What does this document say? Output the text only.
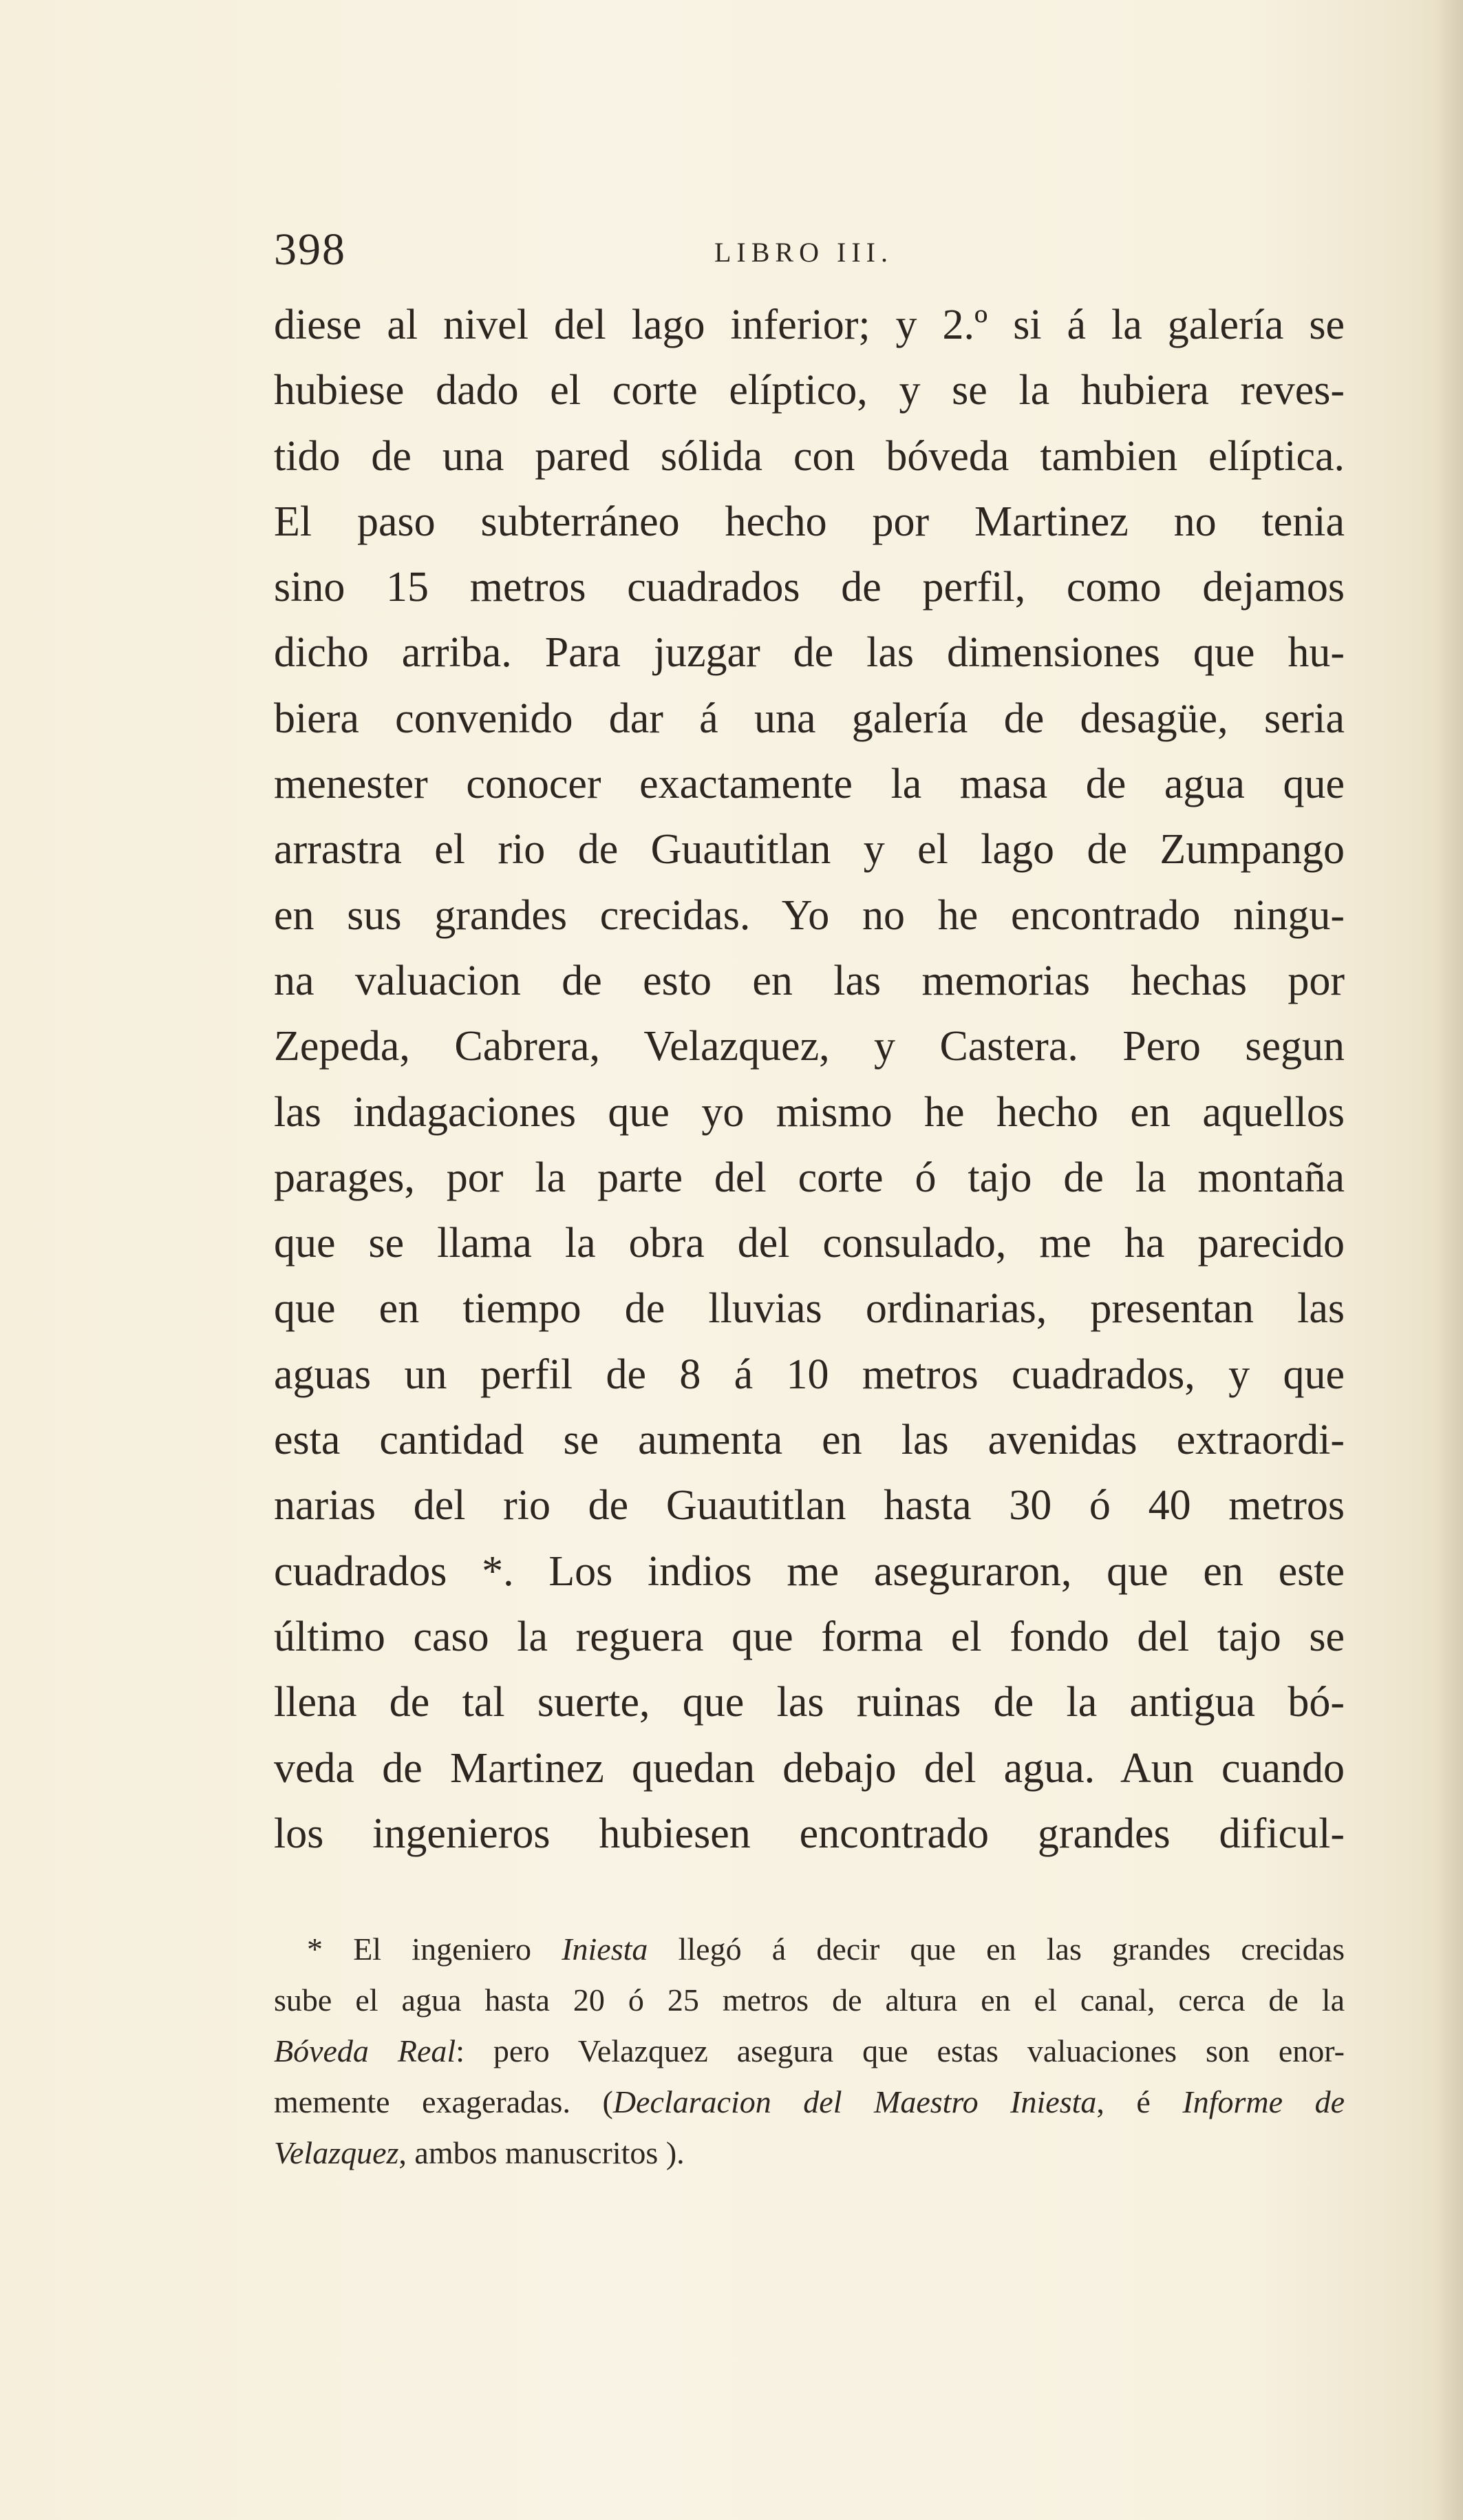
398	LIBRO III.
diese al nivel del lago inferior; y 2.º si á la galería se
hubiese dado el corte elíptico, y se la hubiera reves-
tido de una pared sólida con bóveda tambien elíptica.
El paso subterráneo hecho por Martinez no tenia
sino 15 metros cuadrados de perfil, como dejamos
dicho arriba. Para juzgar de las dimensiones que hu-
biera convenido dar á una galería de desagüe, seria
menester conocer exactamente la masa de agua que
arrastra el rio de Guautitlan y el lago de Zumpango
en sus grandes crecidas. Yo no he encontrado ningu-
na valuacion de esto en las memorias hechas por
Zepeda, Cabrera, Velazquez, y Castera. Pero segun
las indagaciones que yo mismo he hecho en aquellos
parages, por la parte del corte ó tajo de la montaña
que se llama la obra del consulado, me ha parecido
que en tiempo de lluvias ordinarias, presentan las
aguas un perfil de 8 á 10 metros cuadrados, y que
esta cantidad se aumenta en las avenidas extraordi-
narias del rio de Guautitlan hasta 30 ó 40 metros
cuadrados *. Los indios me aseguraron, que en este
último caso la reguera que forma el fondo del tajo se
llena de tal suerte, que las ruinas de la antigua bó-
veda de Martinez quedan debajo del agua. Aun cuando
los ingenieros hubiesen encontrado grandes dificul-
* El ingeniero Iniesta llegó á decir que en las grandes crecidas
sube el agua hasta 20 ó 25 metros de altura en el canal, cerca de la
Bóveda Real: pero Velazquez asegura que estas valuaciones son enor-
memente exageradas. (Declaracion del Maestro Iniesta, é Informe de
Velazquez, ambos manuscritos ).
